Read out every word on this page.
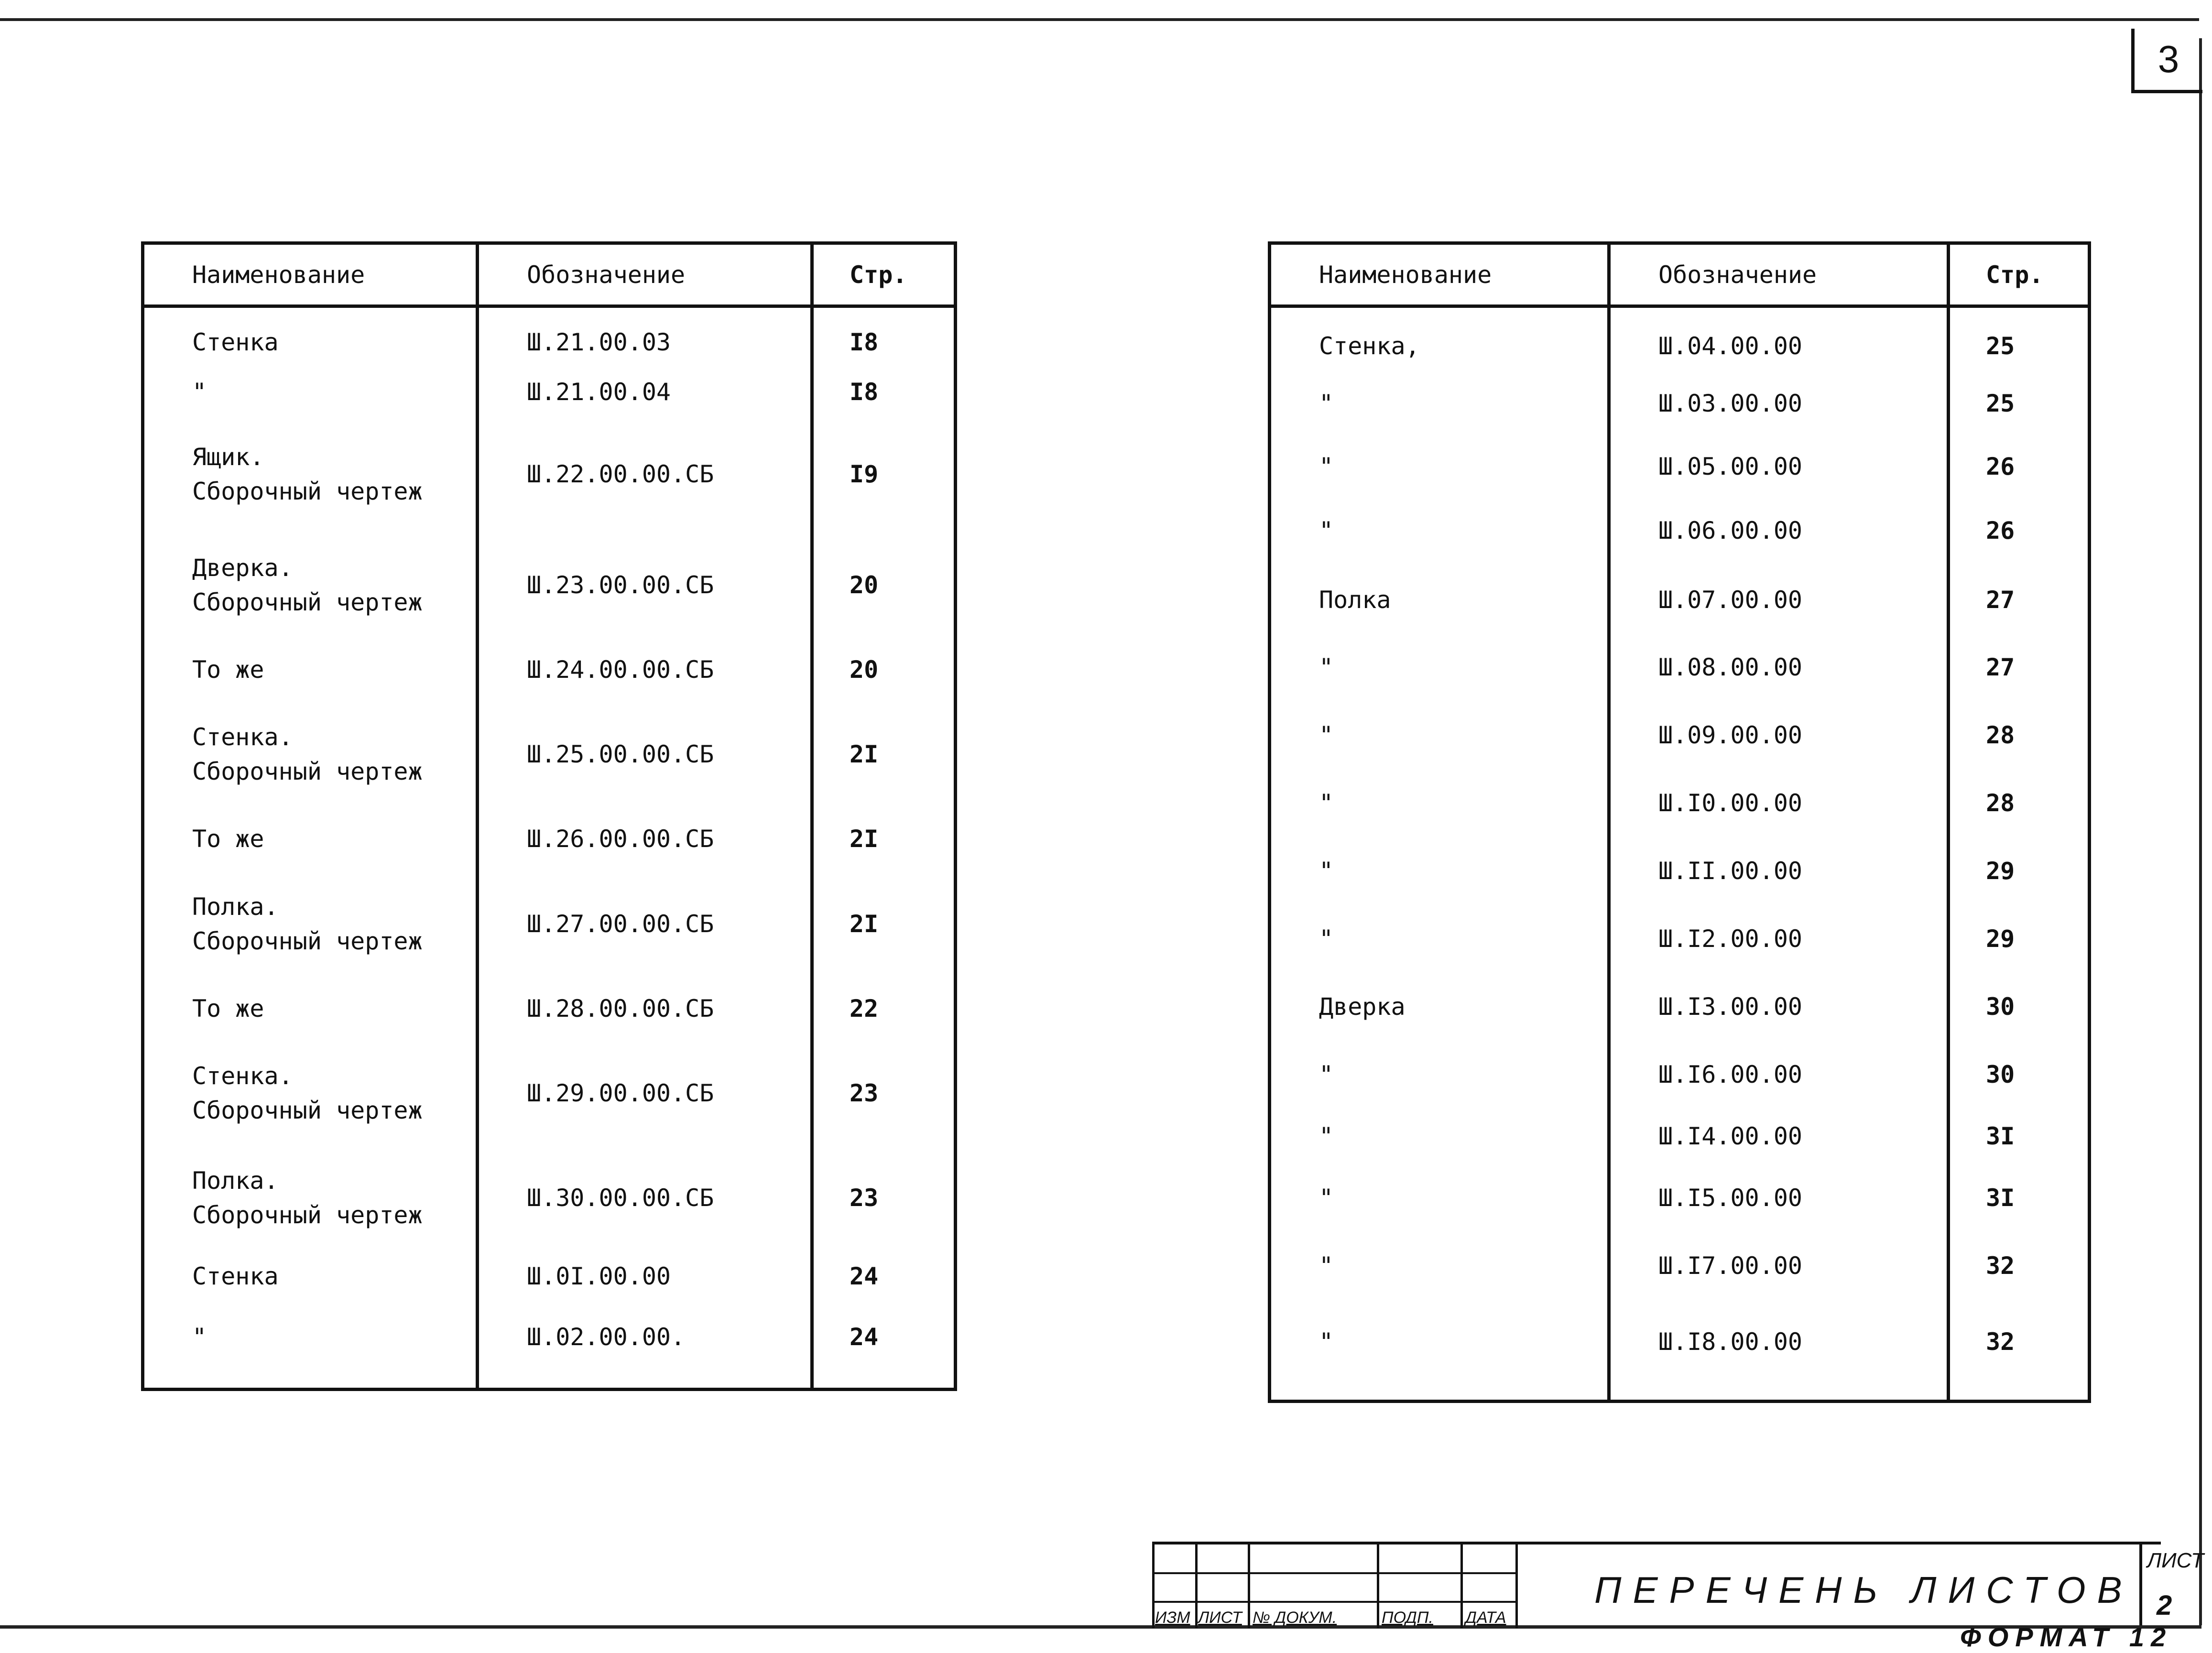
3
Наименование	Обозначение	Стр.
Стенка	Ш.21.00.03	I8
"	Ш.21.00.04	I8
Ящик.
Сборочный чертеж	Ш.22.00.00.СБ	I9
Дверка.
Сборочный чертеж	Ш.23.00.00.СБ	20
То же	Ш.24.00.00.СБ	20
Стенка.
Сборочный чертеж	Ш.25.00.00.СБ	2I
То же	Ш.26.00.00.СБ	2I
Полка.
Сборочный чертеж	Ш.27.00.00.СБ	2I
То же	Ш.28.00.00.СБ	22
Стенка.
Сборочный чертеж	Ш.29.00.00.СБ	23
Полка.
Сборочный чертеж	Ш.30.00.00.СБ	23
Стенка	Ш.0I.00.00	24
"	Ш.02.00.00.	24
Наименование	Обозначение	Стр.
Стенка,	Ш.04.00.00	25
"	Ш.03.00.00	25
"	Ш.05.00.00	26
"	Ш.06.00.00	26
Полка	Ш.07.00.00	27
"	Ш.08.00.00	27
"	Ш.09.00.00	28
"	Ш.I0.00.00	28
"	Ш.II.00.00	29
"	Ш.I2.00.00	29
Дверка	Ш.I3.00.00	30
"	Ш.I6.00.00	30
"	Ш.I4.00.00	3I
"	Ш.I5.00.00	3I
"	Ш.I7.00.00	32
"	Ш.I8.00.00	32
ИЗМ ЛИСТ № ДОКУМ.	ПОДП. ДАТА
ПЕРЕЧЕНЬ ЛИСТОВ
ЛИСТ
2
ФОРМАТ 12
